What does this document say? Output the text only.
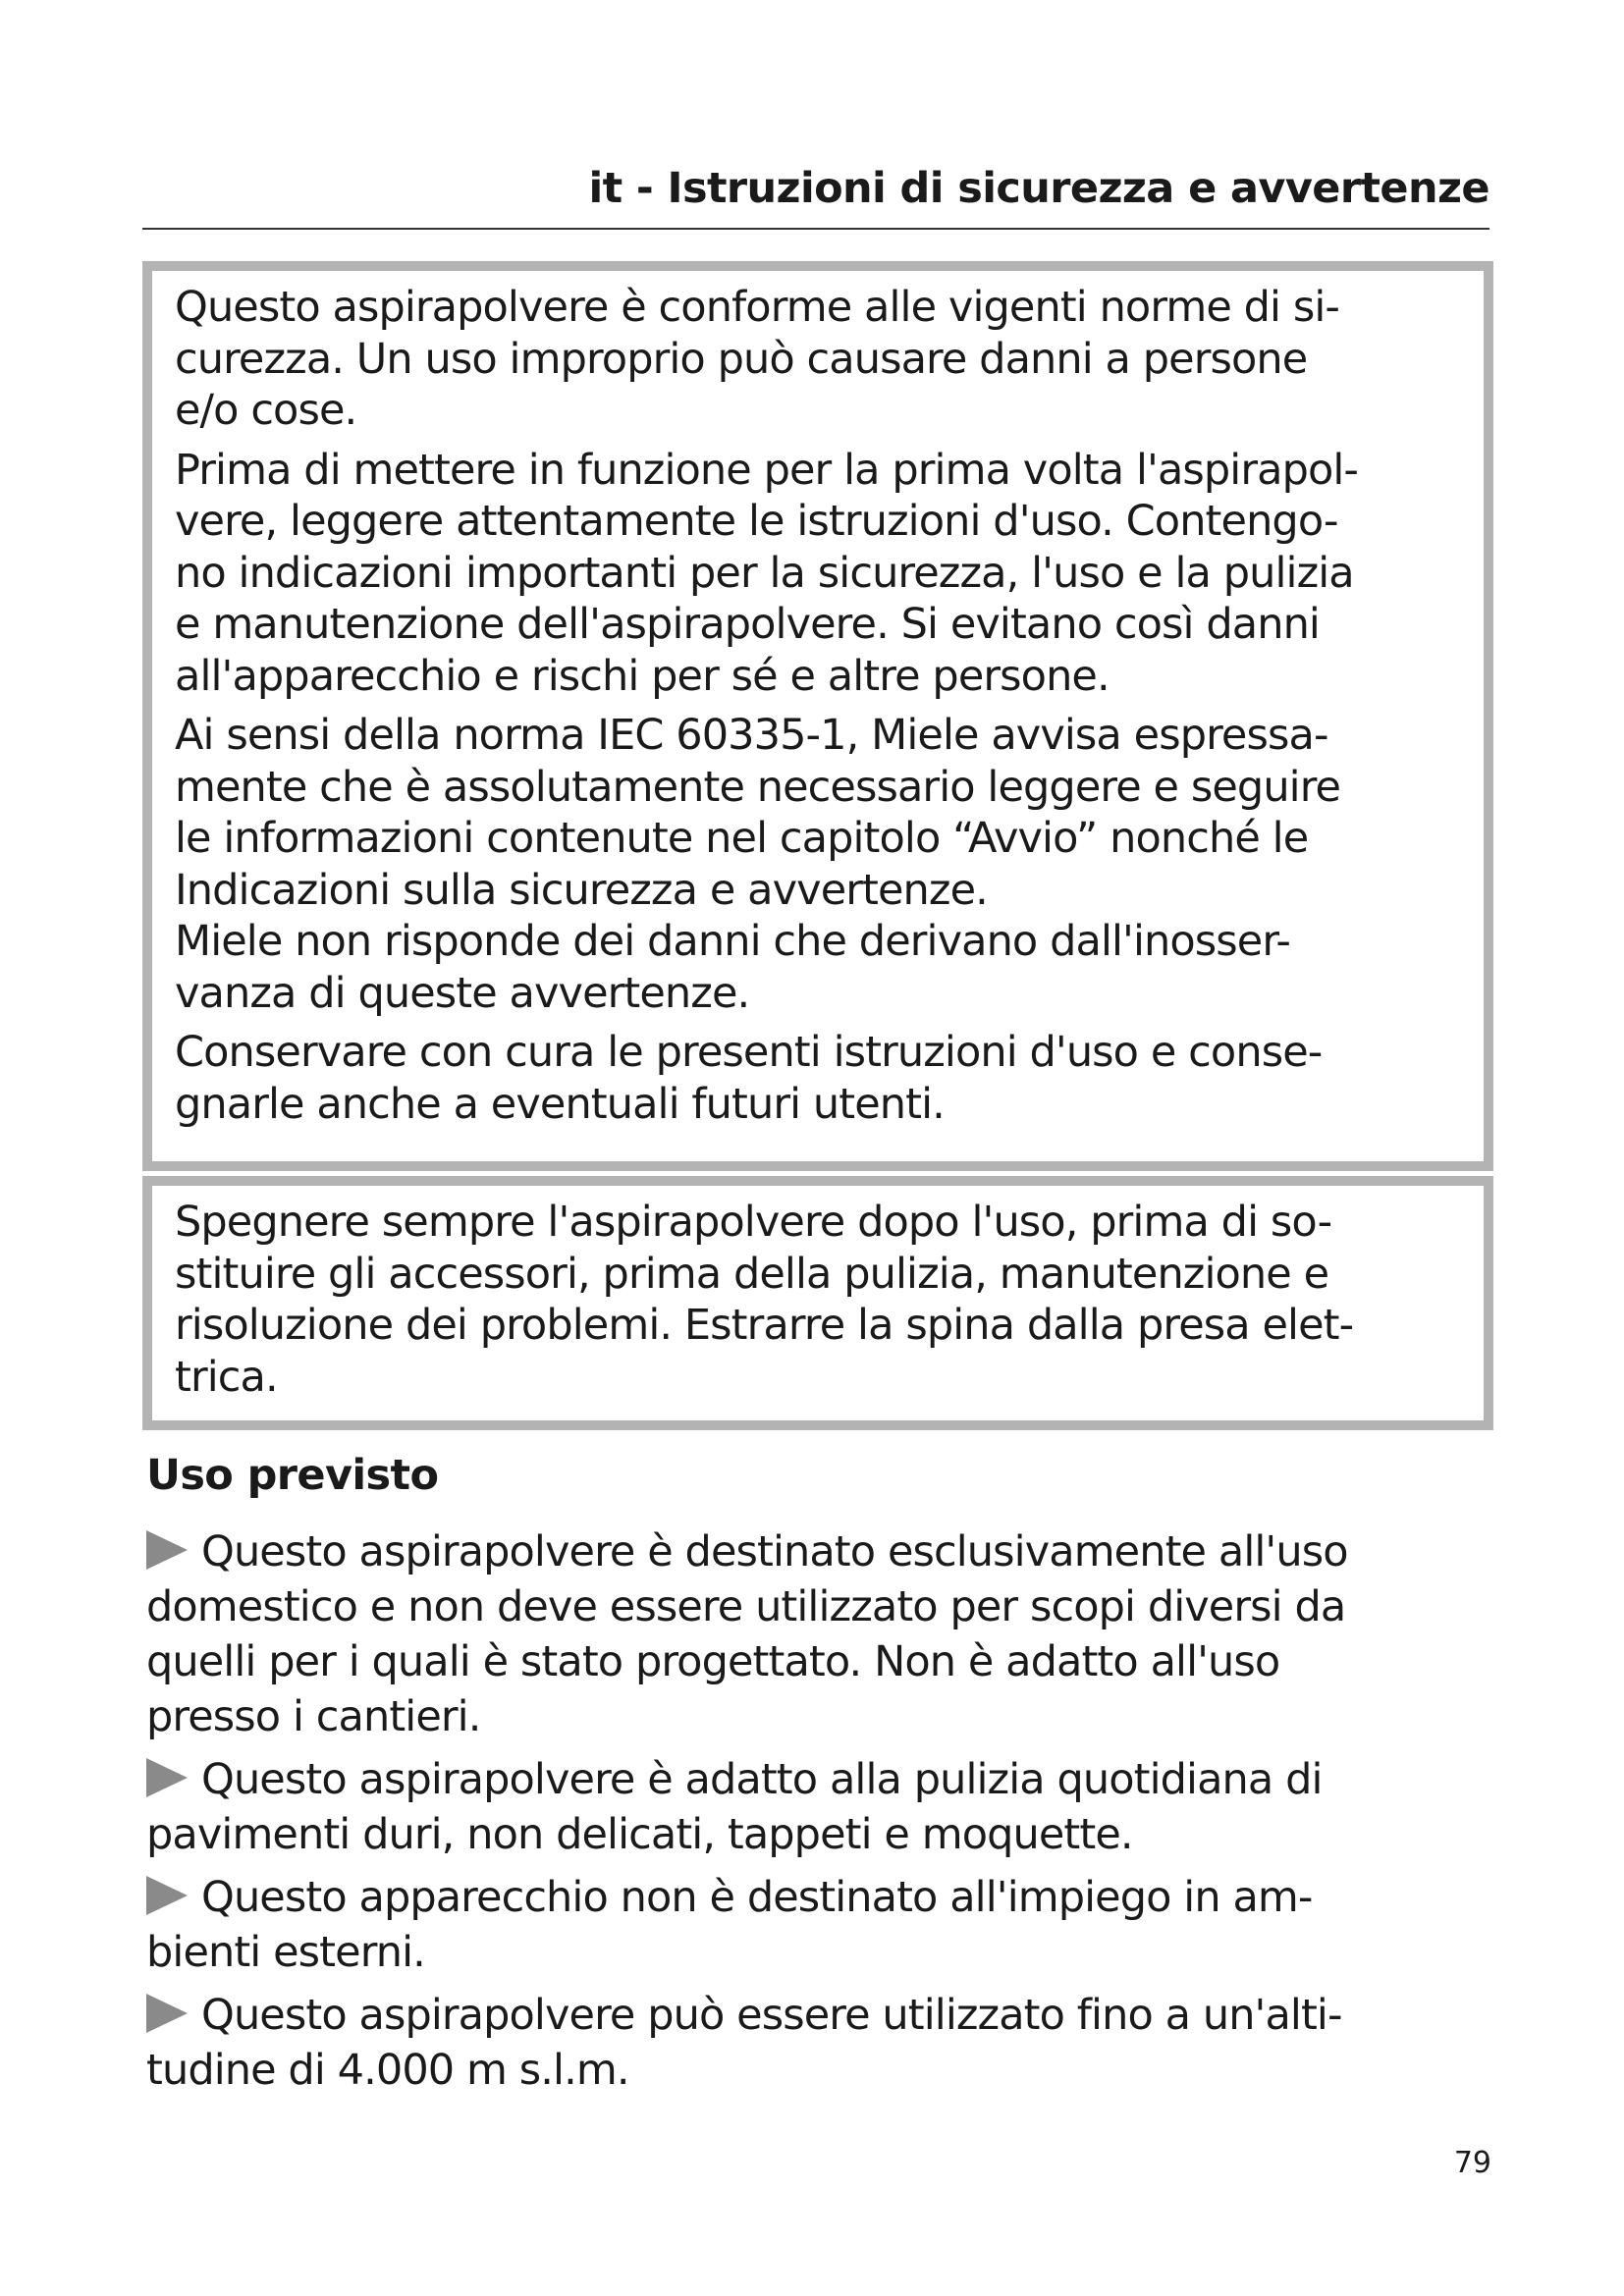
it - Istruzioni di sicurezza e avvertenze

Questo aspirapolvere è conforme alle vigenti norme di si-
curezza. Un uso improprio può causare danni a persone
e/o cose.

Prima di mettere in funzione per la prima volta l'aspirapol-
vere, leggere attentamente le istruzioni d'uso. Contengo-
no indicazioni importanti per la sicurezza, l'uso e la pulizia
e manutenzione dell'aspirapolvere. Si evitano così danni
all'apparecchio e rischi per sé e altre persone.

Ai sensi della norma IEC 60335-1, Miele avvisa espressa-
mente che è assolutamente necessario leggere e seguire
le informazioni contenute nel capitolo “Avvio” nonché le
Indicazioni sulla sicurezza e avvertenze.
Miele non risponde dei danni che derivano dall'inosser-
vanza di queste avvertenze.

Conservare con cura le presenti istruzioni d'uso e conse-
gnarle anche a eventuali futuri utenti.

Spegnere sempre l'aspirapolvere dopo l'uso, prima di so-
stituire gli accessori, prima della pulizia, manutenzione e
risoluzione dei problemi. Estrarre la spina dalla presa elet-
trica.

Uso previsto

Questo aspirapolvere è destinato esclusivamente all'uso
domestico e non deve essere utilizzato per scopi diversi da
quelli per i quali è stato progettato. Non è adatto all'uso
presso i cantieri.

Questo aspirapolvere è adatto alla pulizia quotidiana di
pavimenti duri, non delicati, tappeti e moquette.

Questo apparecchio non è destinato all'impiego in am-
bienti esterni.

Questo aspirapolvere può essere utilizzato fino a un'alti-
tudine di 4.000 m s.l.m.

79
